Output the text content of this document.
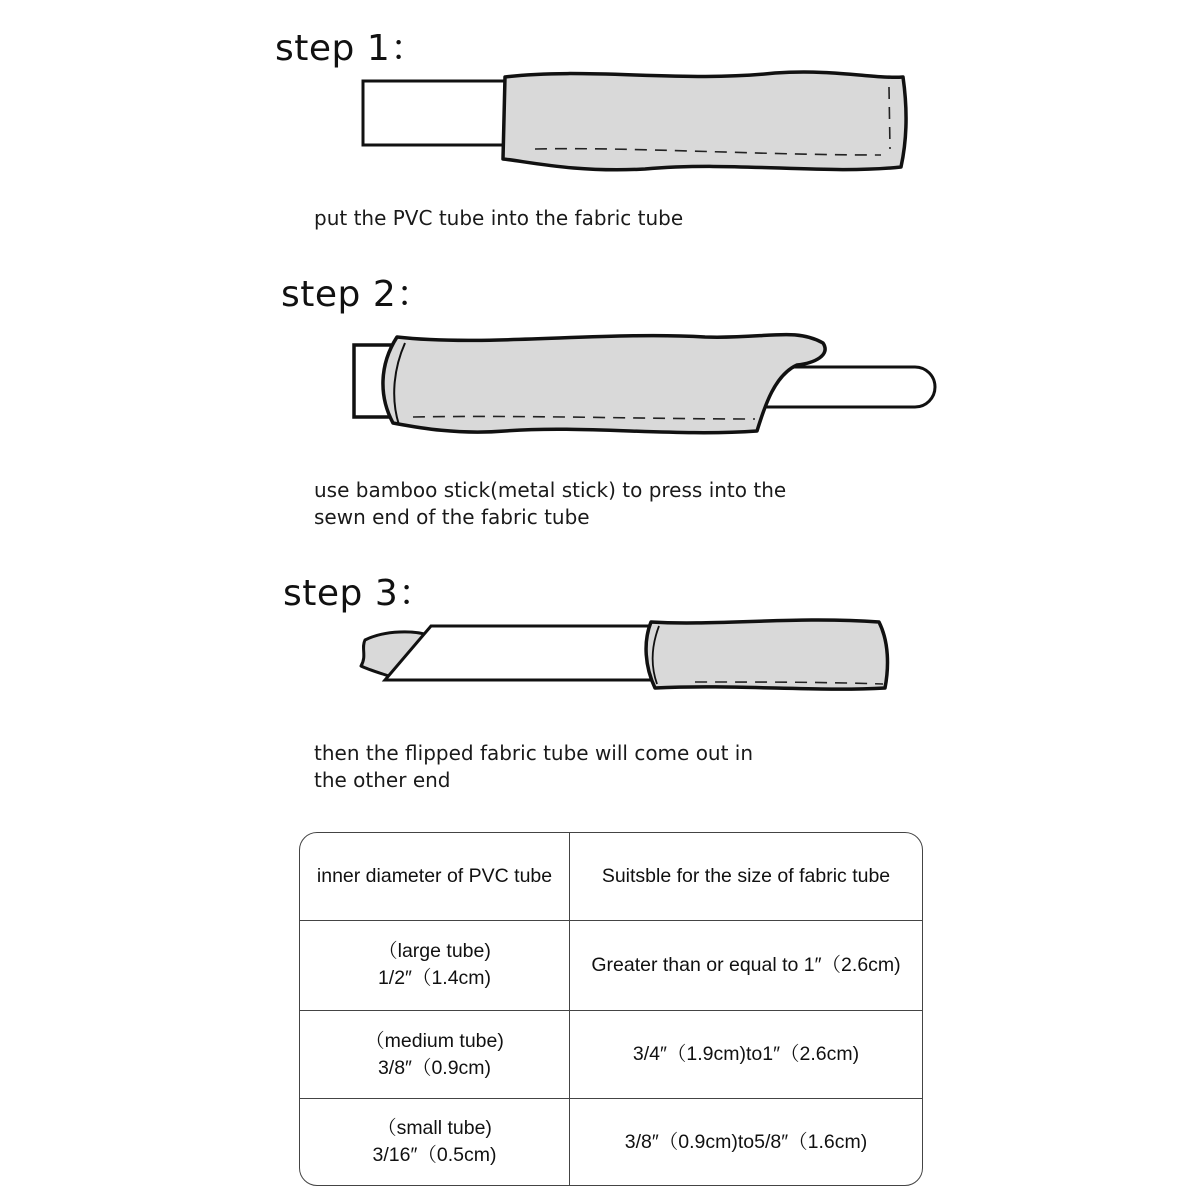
step 1：
put the PVC tube into the fabric tube
step 2：
use bamboo stick(metal stick) to press into the
sewn end of the fabric tube
step 3：
then the flipped fabric tube will come out in
the other end
inner diameter of PVC tube	Suitsble for the size of fabric tube

（large tube)
1/2″（1.4cm)	Greater than or equal to 1″（2.6cm)

（medium tube)
3/8″（0.9cm)	3/4″（1.9cm)to1″（2.6cm)

（small tube)
3/16″（0.5cm)	3/8″（0.9cm)to5/8″（1.6cm)
